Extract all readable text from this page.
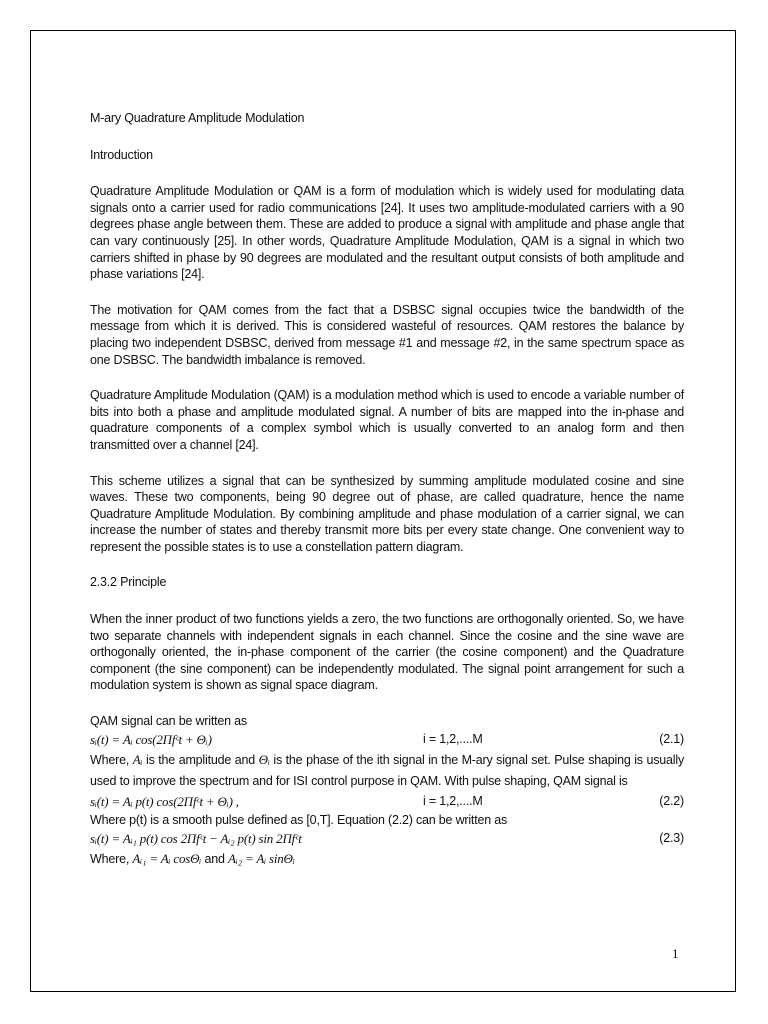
M-ary Quadrature Amplitude Modulation

Introduction

Quadrature Amplitude Modulation or QAM is a form of modulation which is widely used for modulating data signals onto a carrier used for radio communications [24]. It uses two amplitude-modulated carriers with a 90 degrees phase angle between them. These are added to produce a signal with amplitude and phase angle that can vary continuously [25]. In other words, Quadrature Amplitude Modulation, QAM is a signal in which two carriers shifted in phase by 90 degrees are modulated and the resultant output consists of both amplitude and phase variations [24].

The motivation for QAM comes from the fact that a DSBSC signal occupies twice the bandwidth of the message from which it is derived. This is considered wasteful of resources. QAM restores the balance by placing two independent DSBSC, derived from message #1 and message #2, in the same spectrum space as one DSBSC. The bandwidth imbalance is removed.

Quadrature Amplitude Modulation (QAM) is a modulation method which is used to encode a variable number of bits into both a phase and amplitude modulated signal. A number of bits are mapped into the in-phase and quadrature components of a complex symbol which is usually converted to an analog form and then transmitted over a channel [24].

This scheme utilizes a signal that can be synthesized by summing amplitude modulated cosine and sine waves. These two components, being 90 degree out of phase, are called quadrature, hence the name Quadrature Amplitude Modulation. By combining amplitude and phase modulation of a carrier signal, we can increase the number of states and thereby transmit more bits per every state change. One convenient way to represent the possible states is to use a constellation pattern diagram.

2.3.2 Principle

When the inner product of two functions yields a zero, the two functions are orthogonally oriented. So, we have two separate channels with independent signals in each channel. Since the cosine and the sine wave are orthogonally oriented, the in-phase component of the carrier (the cosine component) and the Quadrature component (the sine component) can be independently modulated. The signal point arrangement for such a modulation system is shown as signal space diagram.

QAM signal can be written as

sᵢ(t) = Aᵢ cos(2Πfᶜt + Θᵢ)	i = 1,2,....M	(2.1)

Where, Aᵢ is the amplitude and Θᵢ is the phase of the ith signal in the M-ary signal set. Pulse shaping is usually used to improve the spectrum and for ISI control purpose in QAM. With pulse shaping, QAM signal is

sᵢ(t) = Aᵢ p(t) cos(2Πfᶜt + Θᵢ) ,	i = 1,2,....M	(2.2)

Where p(t) is a smooth pulse defined as [0,T]. Equation (2.2) can be written as

sᵢ(t) = Aᵢ₁ p(t) cos 2Πfᶜt − Aᵢ₂ p(t) sin 2Πfᶜt	(2.3)

Where, Aᵢ₁ = Aᵢ cosΘᵢ and Aᵢ₂ = Aᵢ sinΘᵢ

1
